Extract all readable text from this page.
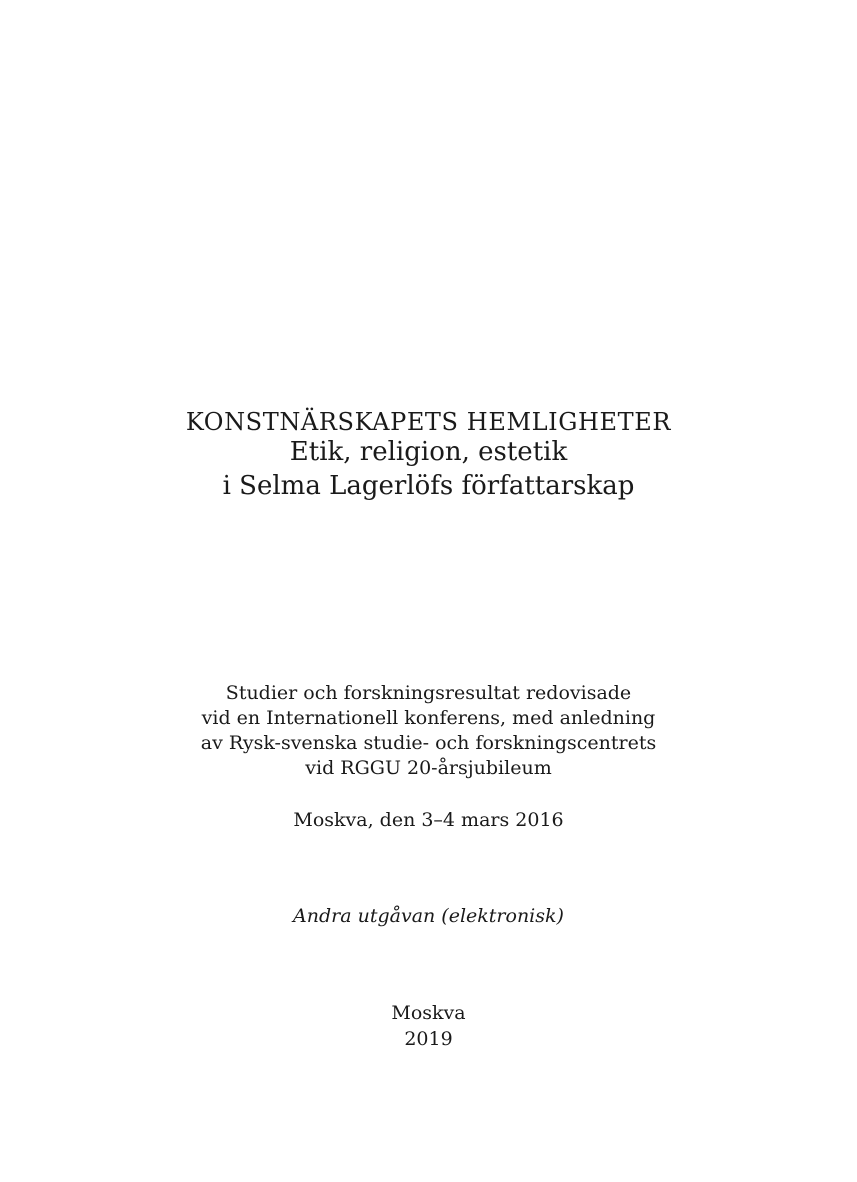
KONSTNÄRSKAPETS HEMLIGHETER
Etik, religion, estetik
i Selma Lagerlöfs författarskap
Studier och forskningsresultat redovisade
vid en Internationell konferens, med anledning
av Rysk-svenska studie- och forskningscentrets
vid RGGU 20-årsjubileum
Moskva, den 3–4 mars 2016
Andra utgåvan (elektronisk)
Moskva
2019
